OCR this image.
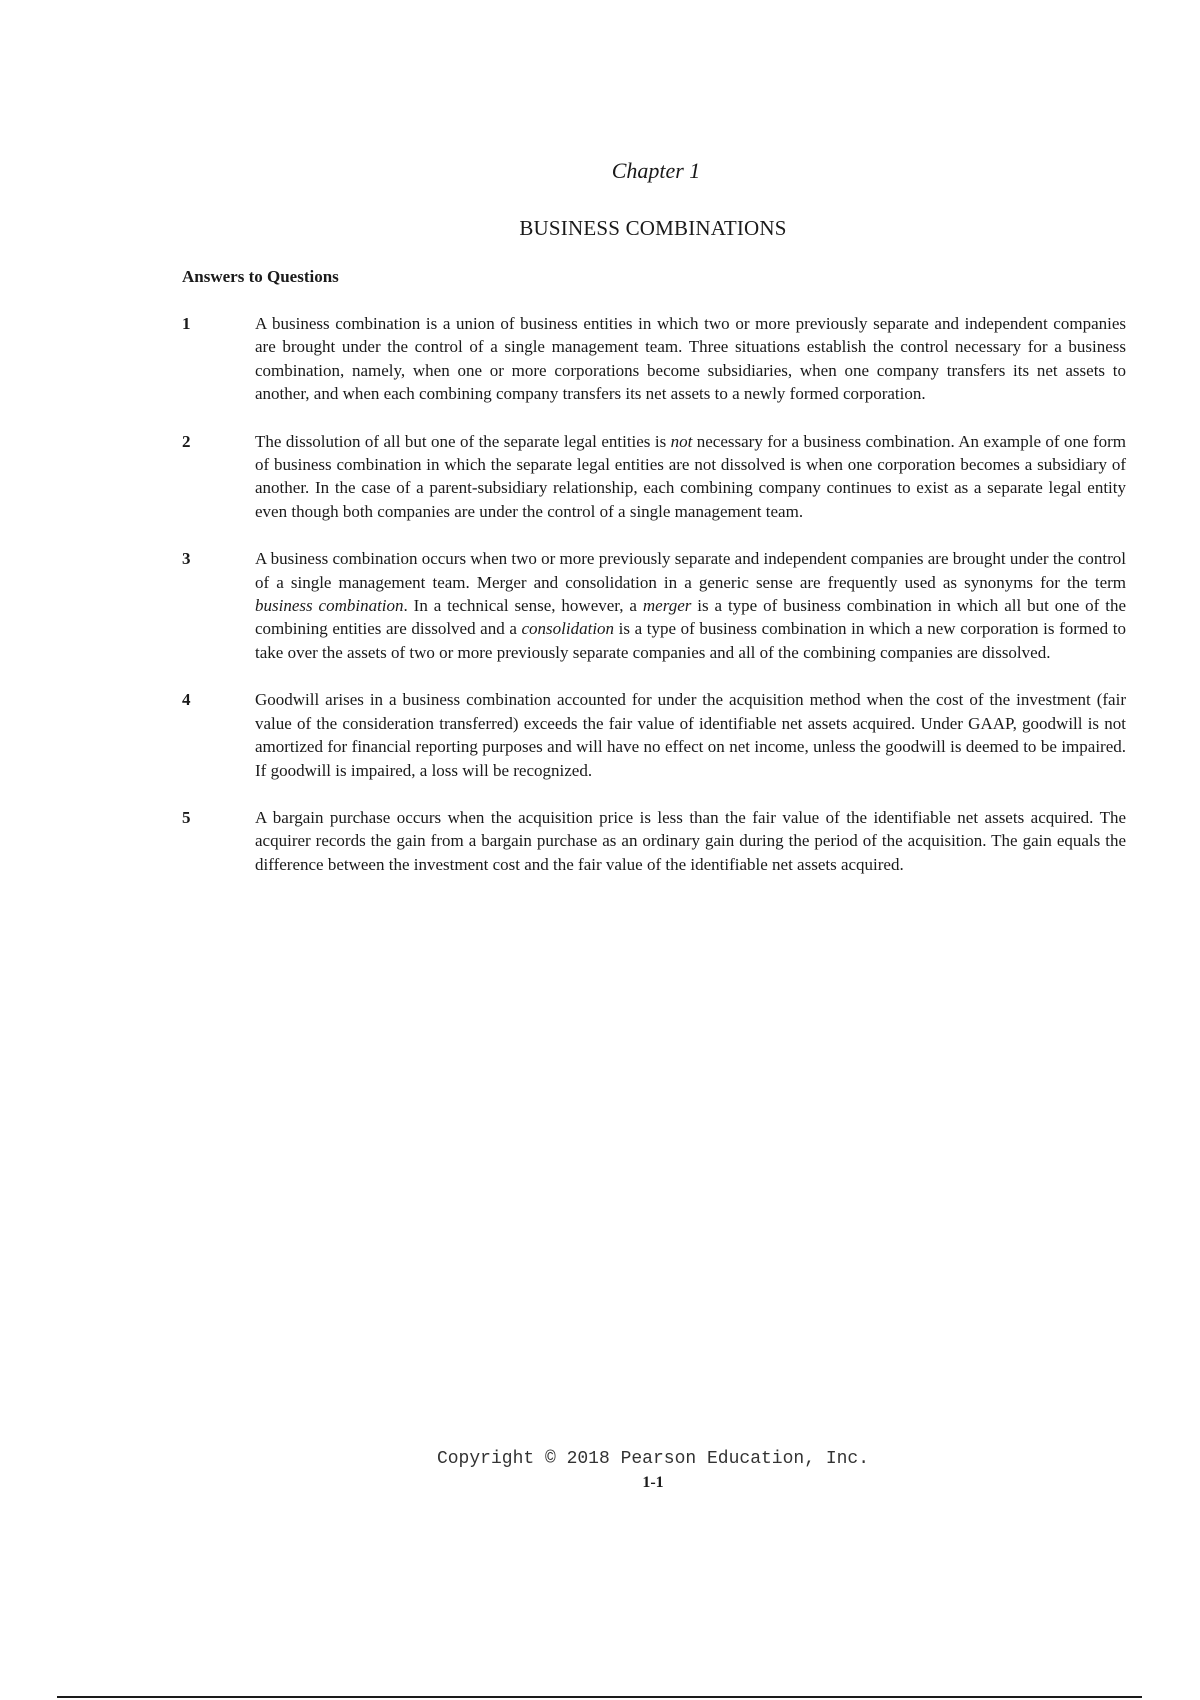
Chapter 1
BUSINESS COMBINATIONS
Answers to Questions
1	A business combination is a union of business entities in which two or more previously separate and independent companies are brought under the control of a single management team. Three situations establish the control necessary for a business combination, namely, when one or more corporations become subsidiaries, when one company transfers its net assets to another, and when each combining company transfers its net assets to a newly formed corporation.
2	The dissolution of all but one of the separate legal entities is not necessary for a business combination. An example of one form of business combination in which the separate legal entities are not dissolved is when one corporation becomes a subsidiary of another. In the case of a parent-subsidiary relationship, each combining company continues to exist as a separate legal entity even though both companies are under the control of a single management team.
3	A business combination occurs when two or more previously separate and independent companies are brought under the control of a single management team. Merger and consolidation in a generic sense are frequently used as synonyms for the term business combination. In a technical sense, however, a merger is a type of business combination in which all but one of the combining entities are dissolved and a consolidation is a type of business combination in which a new corporation is formed to take over the assets of two or more previously separate companies and all of the combining companies are dissolved.
4	Goodwill arises in a business combination accounted for under the acquisition method when the cost of the investment (fair value of the consideration transferred) exceeds the fair value of identifiable net assets acquired. Under GAAP, goodwill is not amortized for financial reporting purposes and will have no effect on net income, unless the goodwill is deemed to be impaired. If goodwill is impaired, a loss will be recognized.
5	A bargain purchase occurs when the acquisition price is less than the fair value of the identifiable net assets acquired. The acquirer records the gain from a bargain purchase as an ordinary gain during the period of the acquisition. The gain equals the difference between the investment cost and the fair value of the identifiable net assets acquired.
Copyright © 2018 Pearson Education, Inc.
1-1
